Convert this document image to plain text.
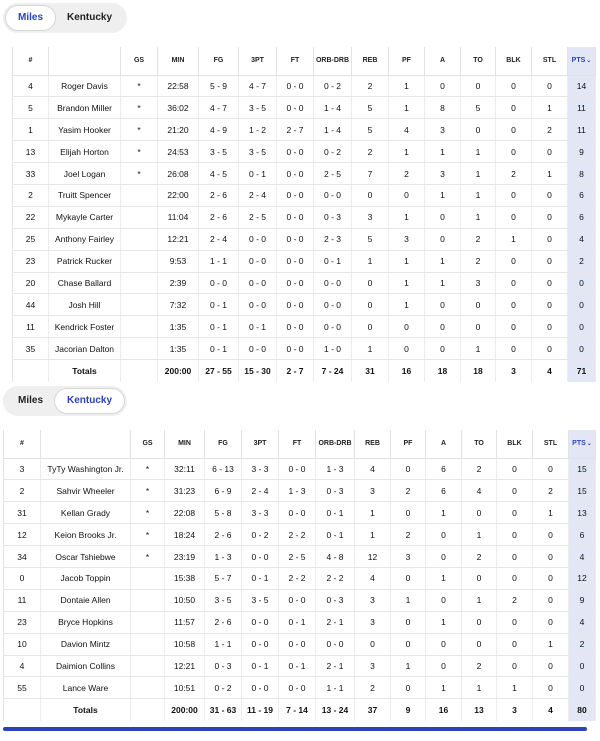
Miles	Kentucky
#		GS	MIN	FG	3PT	FT	ORB-DRB	REB	PF	A	TO	BLK	STL	PTS⌄
4	Roger Davis	*	22:58	5 - 9	4 - 7	0 - 0	0 - 2	2	1	0	0	0	0	14
5	Brandon Miller	*	36:02	4 - 7	3 - 5	0 - 0	1 - 4	5	1	8	5	0	1	11
1	Yasim Hooker	*	21:20	4 - 9	1 - 2	2 - 7	1 - 4	5	4	3	0	0	2	11
13	Elijah Horton	*	24:53	3 - 5	3 - 5	0 - 0	0 - 2	2	1	1	1	0	0	9
33	Joel Logan	*	26:08	4 - 5	0 - 1	0 - 0	2 - 5	7	2	3	1	2	1	8
2	Truitt Spencer		22:00	2 - 6	2 - 4	0 - 0	0 - 0	0	0	1	1	0	0	6
22	Mykayle Carter		11:04	2 - 6	2 - 5	0 - 0	0 - 3	3	1	0	1	0	0	6
25	Anthony Fairley		12:21	2 - 4	0 - 0	0 - 0	2 - 3	5	3	0	2	1	0	4
23	Patrick Rucker		9:53	1 - 1	0 - 0	0 - 0	0 - 1	1	1	1	2	0	0	2
20	Chase Ballard		2:39	0 - 0	0 - 0	0 - 0	0 - 0	0	1	1	3	0	0	0
44	Josh Hill		7:32	0 - 1	0 - 0	0 - 0	0 - 0	0	1	0	0	0	0	0
11	Kendrick Foster		1:35	0 - 1	0 - 1	0 - 0	0 - 0	0	0	0	0	0	0	0
35	Jacorian Dalton		1:35	0 - 1	0 - 0	0 - 0	1 - 0	1	0	0	1	0	0	0
	Totals		200:00	27 - 55	15 - 30	2 - 7	7 - 24	31	16	18	18	3	4	71
Miles	Kentucky
#		GS	MIN	FG	3PT	FT	ORB-DRB	REB	PF	A	TO	BLK	STL	PTS⌄
3	TyTy Washington Jr.	*	32:11	6 - 13	3 - 3	0 - 0	1 - 3	4	0	6	2	0	0	15
2	Sahvir Wheeler	*	31:23	6 - 9	2 - 4	1 - 3	0 - 3	3	2	6	4	0	2	15
31	Kellan Grady	*	22:08	5 - 8	3 - 3	0 - 0	0 - 1	1	0	1	0	0	1	13
12	Keion Brooks Jr.	*	18:24	2 - 6	0 - 2	2 - 2	0 - 1	1	2	0	1	0	0	6
34	Oscar Tshiebwe	*	23:19	1 - 3	0 - 0	2 - 5	4 - 8	12	3	0	2	0	0	4
0	Jacob Toppin		15:38	5 - 7	0 - 1	2 - 2	2 - 2	4	0	1	0	0	0	12
11	Dontaie Allen		10:50	3 - 5	3 - 5	0 - 0	0 - 3	3	1	0	1	2	0	9
23	Bryce Hopkins		11:57	2 - 6	0 - 0	0 - 1	2 - 1	3	0	1	0	0	0	4
10	Davion Mintz		10:58	1 - 1	0 - 0	0 - 0	0 - 0	0	0	0	0	0	1	2
4	Daimion Collins		12:21	0 - 3	0 - 1	0 - 1	2 - 1	3	1	0	2	0	0	0
55	Lance Ware		10:51	0 - 2	0 - 0	0 - 0	1 - 1	2	0	1	1	1	0	0
	Totals		200:00	31 - 63	11 - 19	7 - 14	13 - 24	37	9	16	13	3	4	80
